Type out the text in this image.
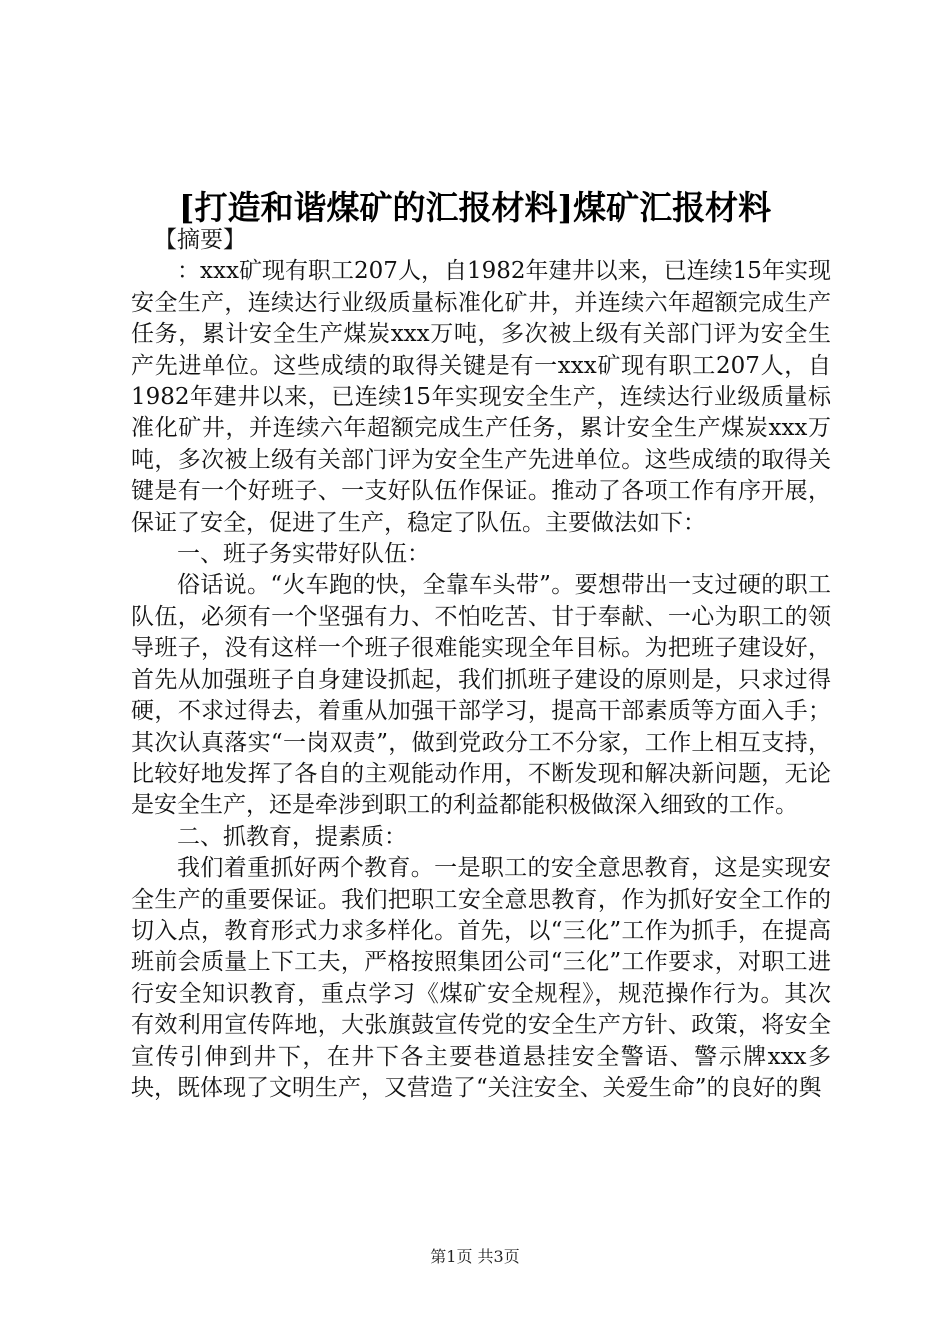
[打造和谐煤矿的汇报材料]煤矿汇报材料

【摘要】

：xxx矿现有职工207人，自1982年建井以来，已连续15年实现安全生产，连续达行业级质量标准化矿井，并连续六年超额完成生产任务，累计安全生产煤炭xxx万吨，多次被上级有关部门评为安全生产先进单位。这些成绩的取得关键是有一xxx矿现有职工207人，自1982年建井以来，已连续15年实现安全生产，连续达行业级质量标准化矿井，并连续六年超额完成生产任务，累计安全生产煤炭xxx万吨，多次被上级有关部门评为安全生产先进单位。这些成绩的取得关键是有一个好班子、一支好队伍作保证。推动了各项工作有序开展，保证了安全，促进了生产，稳定了队伍。主要做法如下：

一、班子务实带好队伍：

俗话说。“火车跑的快，全靠车头带”。要想带出一支过硬的职工队伍，必须有一个坚强有力、不怕吃苦、甘于奉献、一心为职工的领导班子，没有这样一个班子很难能实现全年目标。为把班子建设好，首先从加强班子自身建设抓起，我们抓班子建设的原则是，只求过得硬，不求过得去，着重从加强干部学习，提高干部素质等方面入手；其次认真落实“一岗双责”，做到党政分工不分家，工作上相互支持，比较好地发挥了各自的主观能动作用，不断发现和解决新问题，无论是安全生产，还是牵涉到职工的利益都能积极做深入细致的工作。

二、抓教育，提素质：

我们着重抓好两个教育。一是职工的安全意思教育，这是实现安全生产的重要保证。我们把职工安全意思教育，作为抓好安全工作的切入点，教育形式力求多样化。首先，以“三化”工作为抓手，在提高班前会质量上下工夫，严格按照集团公司“三化”工作要求，对职工进行安全知识教育，重点学习《煤矿安全规程》，规范操作行为。其次有效利用宣传阵地，大张旗鼓宣传党的安全生产方针、政策，将安全宣传引伸到井下，在井下各主要巷道悬挂安全警语、警示牌xxx多块，既体现了文明生产，又营造了“关注安全、关爱生命”的良好的舆

第1页 共3页
